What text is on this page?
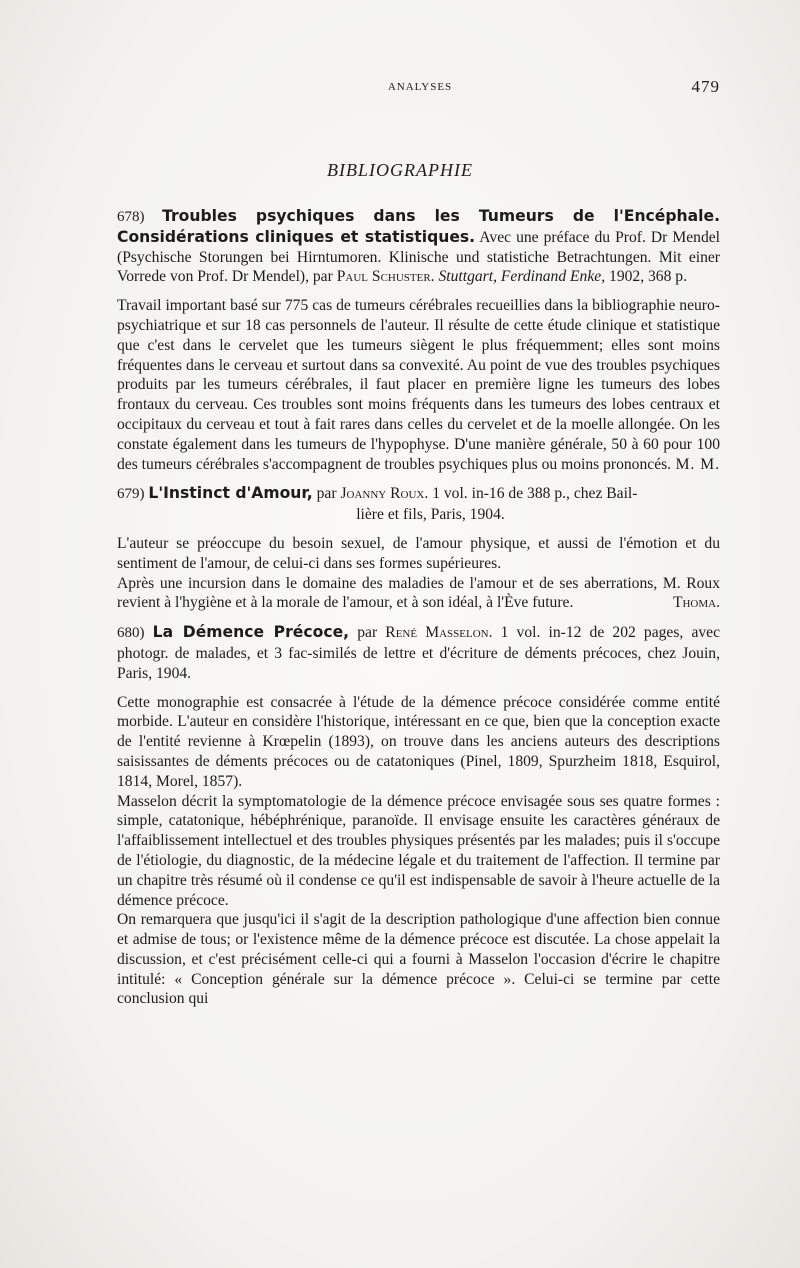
ANALYSES	479
BIBLIOGRAPHIE

678) Troubles psychiques dans les Tumeurs de l'Encéphale. Considérations cliniques et statistiques. Avec une préface du Prof. Dr Mendel (Psychische Storungen bei Hirntumoren. Klinische und statistiche Betrachtungen. Mit einer Vorrede von Prof. Dr Mendel), par Paul Schuster. Stuttgart, Ferdinand Enke, 1902, 368 p.

Travail important basé sur 775 cas de tumeurs cérébrales recueillies dans la bibliographie neuro-psychiatrique et sur 18 cas personnels de l'auteur. Il résulte de cette étude clinique et statistique que c'est dans le cervelet que les tumeurs siègent le plus fréquemment; elles sont moins fréquentes dans le cerveau et surtout dans sa convexité. Au point de vue des troubles psychiques produits par les tumeurs cérébrales, il faut placer en première ligne les tumeurs des lobes frontaux du cerveau. Ces troubles sont moins fréquents dans les tumeurs des lobes centraux et occipitaux du cerveau et tout à fait rares dans celles du cervelet et de la moelle allongée. On les constate également dans les tumeurs de l'hypophyse. D'une manière générale, 50 à 60 pour 100 des tumeurs cérébrales s'accompagnent de troubles psychiques plus ou moins prononcés. M. M.

679) L'Instinct d'Amour, par Joanny Roux. 1 vol. in-16 de 388 p., chez Bail-
lière et fils, Paris, 1904.

L'auteur se préoccupe du besoin sexuel, de l'amour physique, et aussi de l'émotion et du sentiment de l'amour, de celui-ci dans ses formes supérieures.

Après une incursion dans le domaine des maladies de l'amour et de ses aberrations, M. Roux revient à l'hygiène et à la morale de l'amour, et à son idéal, à l'Ève future.	Thoma.

680) La Démence Précoce, par René Masselon. 1 vol. in-12 de 202 pages, avec photogr. de malades, et 3 fac-similés de lettre et d'écriture de déments précoces, chez Jouin, Paris, 1904.

Cette monographie est consacrée à l'étude de la démence précoce considérée comme entité morbide. L'auteur en considère l'historique, intéressant en ce que, bien que la conception exacte de l'entité revienne à Krœpelin (1893), on trouve dans les anciens auteurs des descriptions saisissantes de déments précoces ou de catatoniques (Pinel, 1809, Spurzheim 1818, Esquirol, 1814, Morel, 1857).

Masselon décrit la symptomatologie de la démence précoce envisagée sous ses quatre formes : simple, catatonique, hébéphrénique, paranoïde. Il envisage ensuite les caractères généraux de l'affaiblissement intellectuel et des troubles physiques présentés par les malades; puis il s'occupe de l'étiologie, du diagnostic, de la médecine légale et du traitement de l'affection. Il termine par un chapitre très résumé où il condense ce qu'il est indispensable de savoir à l'heure actuelle de la démence précoce.

On remarquera que jusqu'ici il s'agit de la description pathologique d'une affection bien connue et admise de tous; or l'existence même de la démence précoce est discutée. La chose appelait la discussion, et c'est précisément celle-ci qui a fourni à Masselon l'occasion d'écrire le chapitre intitulé: « Conception générale sur la démence précoce ». Celui-ci se termine par cette conclusion qui
